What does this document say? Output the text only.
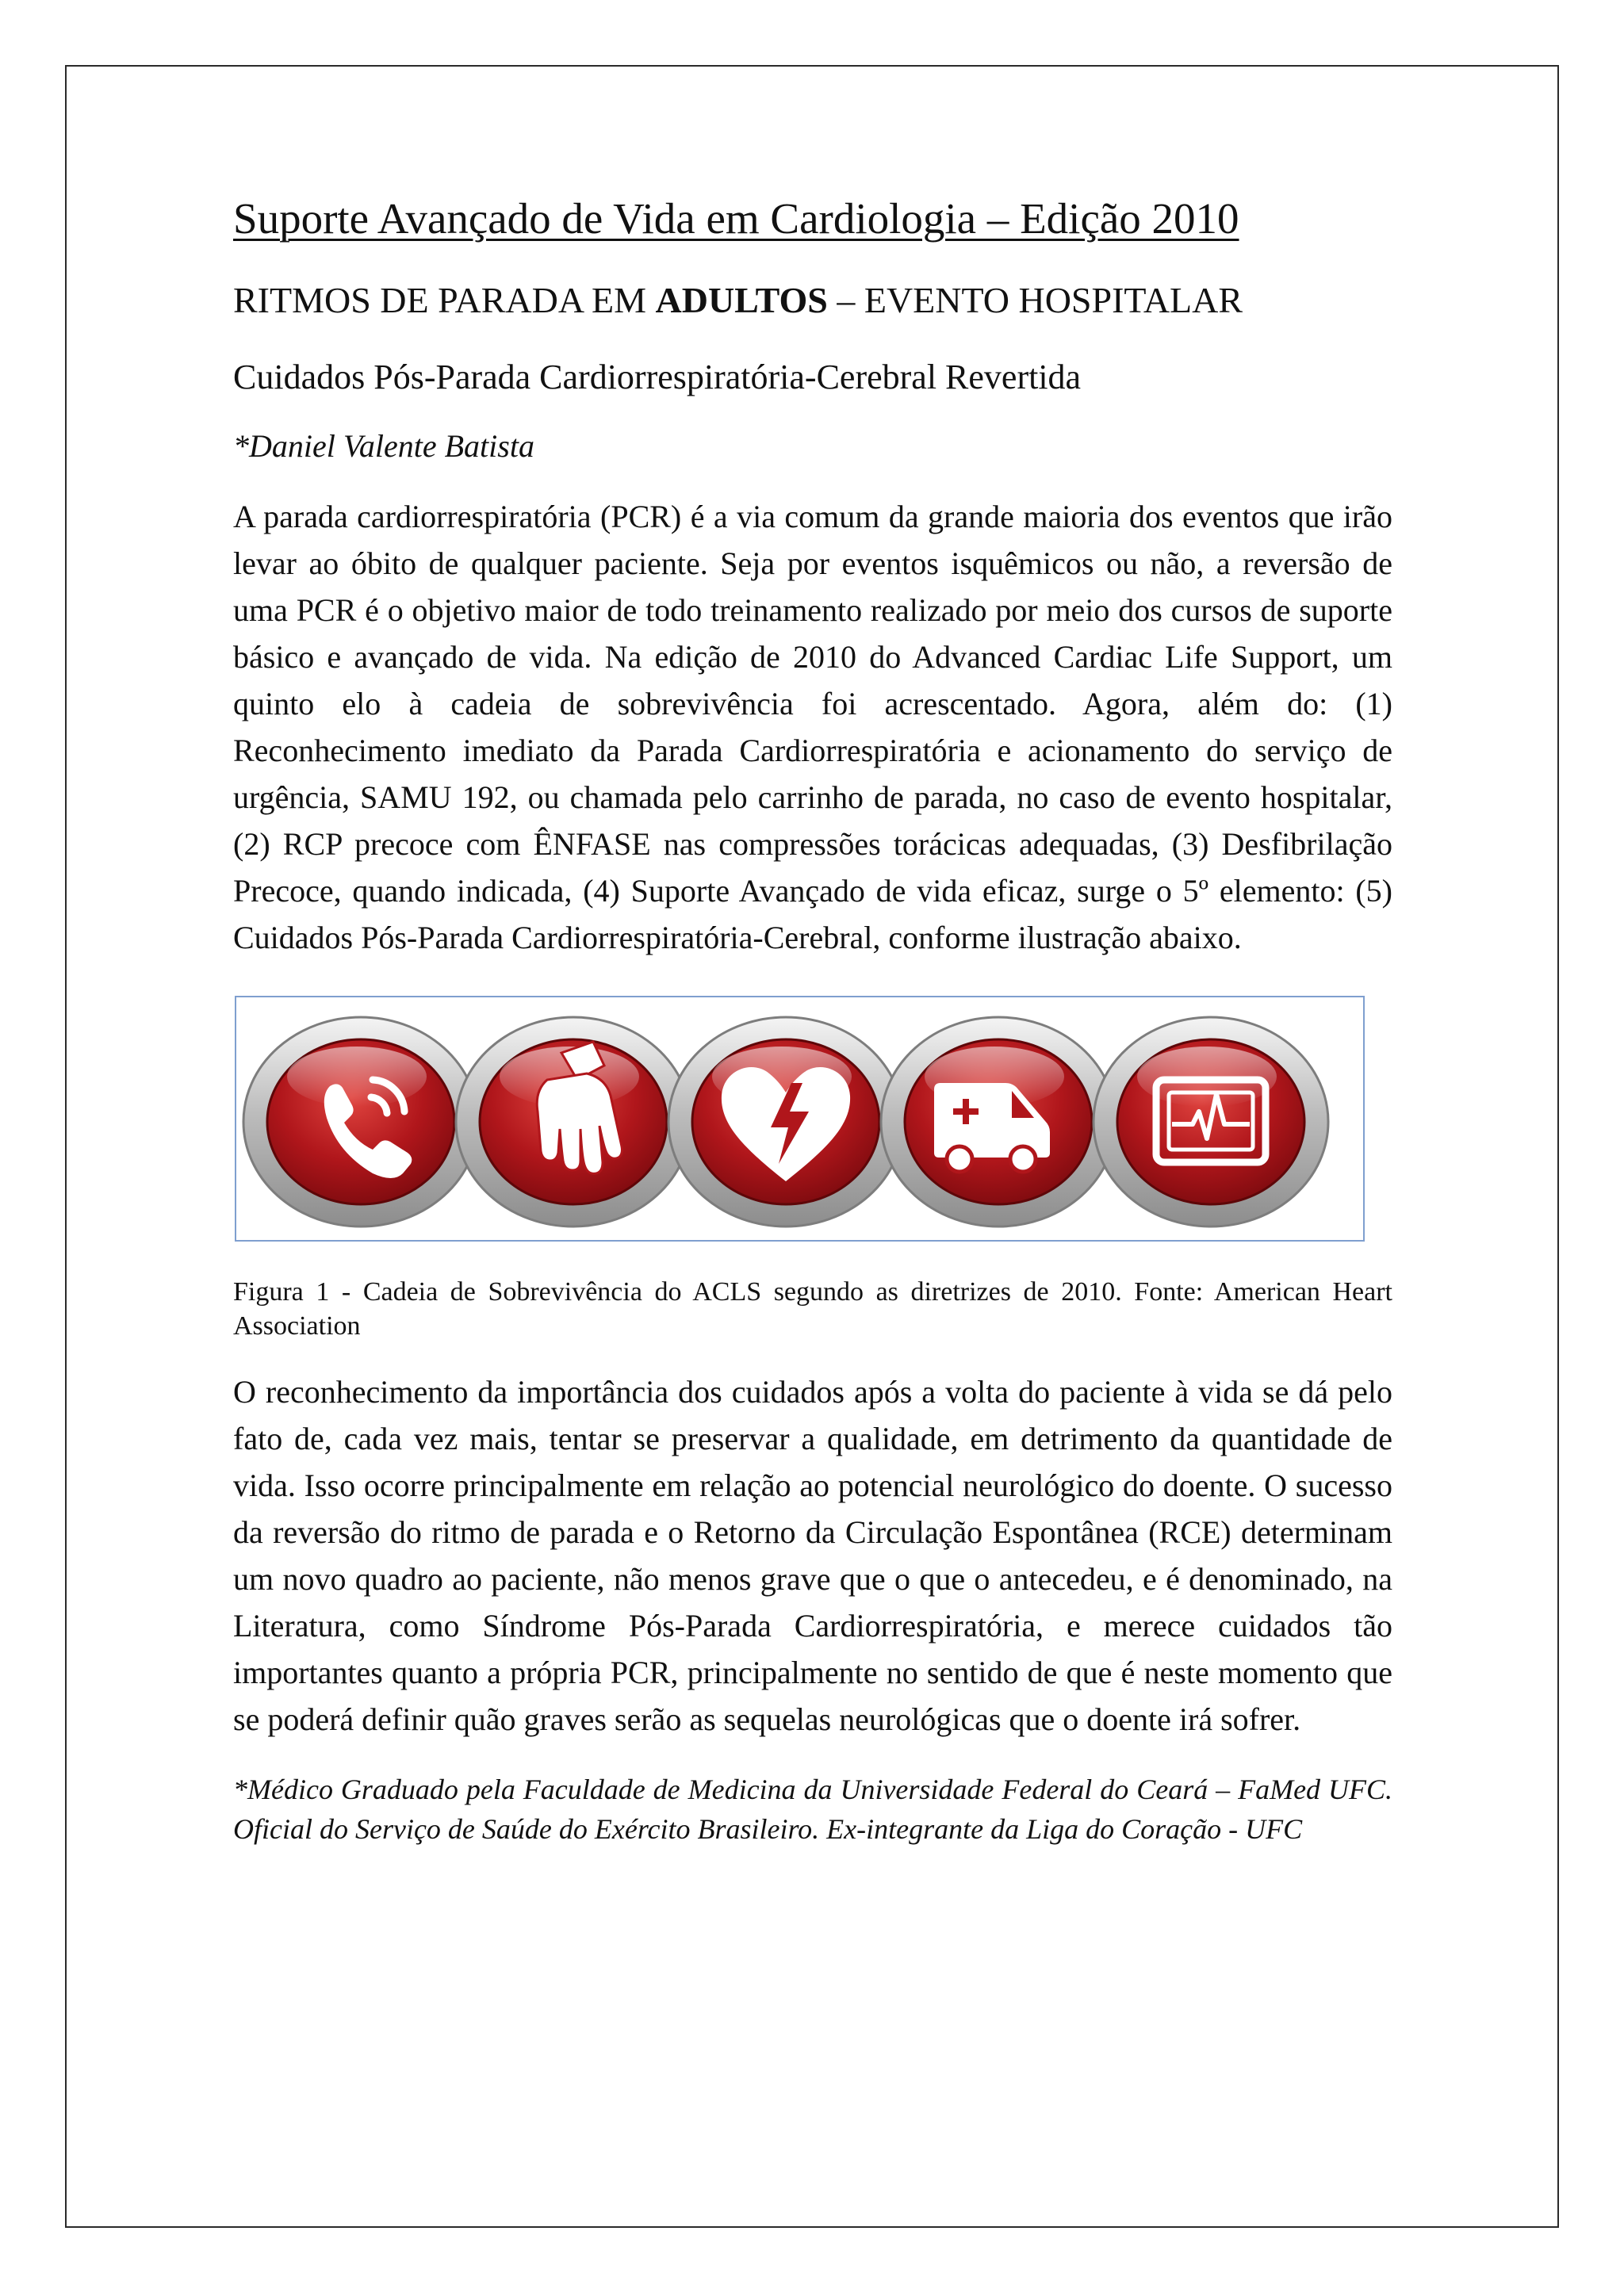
Suporte Avançado de Vida em Cardiologia – Edição 2010
RITMOS DE PARADA EM ADULTOS – EVENTO HOSPITALAR
Cuidados Pós-Parada Cardiorrespiratória-Cerebral Revertida
*Daniel Valente Batista

A parada cardiorrespiratória (PCR) é a via comum da grande maioria dos eventos que irão levar ao óbito de qualquer paciente. Seja por eventos isquêmicos ou não, a reversão de uma PCR é o objetivo maior de todo treinamento realizado por meio dos cursos de suporte básico e avançado de vida. Na edição de 2010 do Advanced Cardiac Life Support, um quinto elo à cadeia de sobrevivência foi acrescentado. Agora, além do: (1) Reconhecimento imediato da Parada Cardiorrespiratória e acionamento do serviço de urgência, SAMU 192, ou chamada pelo carrinho de parada, no caso de evento hospitalar, (2) RCP precoce com ÊNFASE nas compressões torácicas adequadas, (3) Desfibrilação Precoce, quando indicada, (4) Suporte Avançado de vida eficaz, surge o 5º elemento: (5) Cuidados Pós-Parada Cardiorrespiratória-Cerebral, conforme ilustração abaixo.

Figura 1 - Cadeia de Sobrevivência do ACLS segundo as diretrizes de 2010. Fonte: American Heart Association

O reconhecimento da importância dos cuidados após a volta do paciente à vida se dá pelo fato de, cada vez mais, tentar se preservar a qualidade, em detrimento da quantidade de vida. Isso ocorre principalmente em relação ao potencial neurológico do doente. O sucesso da reversão do ritmo de parada e o Retorno da Circulação Espontânea (RCE) determinam um novo quadro ao paciente, não menos grave que o que o antecedeu, e é denominado, na Literatura, como Síndrome Pós-Parada Cardiorrespiratória, e merece cuidados tão importantes quanto a própria PCR, principalmente no sentido de que é neste momento que se poderá definir quão graves serão as sequelas neurológicas que o doente irá sofrer.

*Médico Graduado pela Faculdade de Medicina da Universidade Federal do Ceará – FaMed UFC. Oficial do Serviço de Saúde do Exército Brasileiro. Ex-integrante da Liga do Coração - UFC
